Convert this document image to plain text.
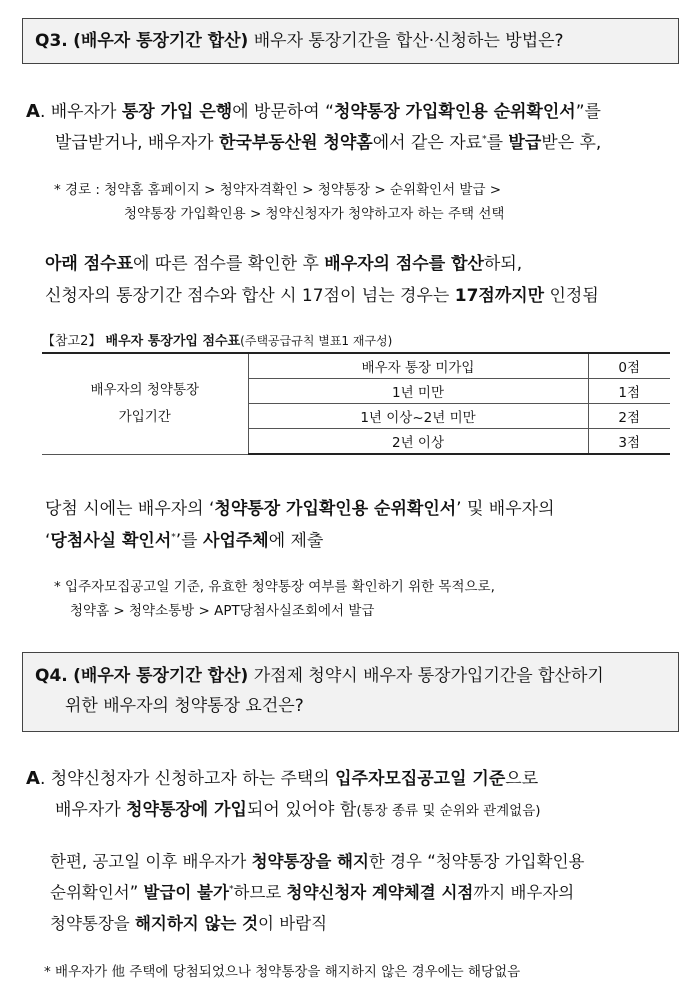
Q3. (배우자 통장기간 합산) 배우자 통장기간을 합산·신청하는 방법은?
A. 배우자가 통장 가입 은행에 방문하여 “청약통장 가입확인용 순위확인서”를
발급받거나, 배우자가 한국부동산원 청약홈에서 같은 자료*를 발급받은 후,
* 경로 : 청약홈 홈페이지 > 청약자격확인 > 청약통장 > 순위확인서 발급 >
청약통장 가입확인용 > 청약신청자가 청약하고자 하는 주택 선택
아래 점수표에 따른 점수를 확인한 후 배우자의 점수를 합산하되,
신청자의 통장기간 점수와 합산 시 17점이 넘는 경우는 17점까지만 인정됨
【참고2】 배우자 통장가입 점수표(주택공급규칙 별표1 재구성)
배우자의 청약통장
가입기간	배우자 통장 미가입	0점
	1년 미만	1점
	1년 이상~2년 미만	2점
	2년 이상	3점
당첨 시에는 배우자의 ‘청약통장 가입확인용 순위확인서’ 및 배우자의
‘당첨사실 확인서*’를 사업주체에 제출
* 입주자모집공고일 기준, 유효한 청약통장 여부를 확인하기 위한 목적으로,
청약홈 > 청약소통방 > APT당첨사실조회에서 발급
Q4. (배우자 통장기간 합산) 가점제 청약시 배우자 통장가입기간을 합산하기
위한 배우자의 청약통장 요건은?
A. 청약신청자가 신청하고자 하는 주택의 입주자모집공고일 기준으로
배우자가 청약통장에 가입되어 있어야 함(통장 종류 및 순위와 관계없음)
한편, 공고일 이후 배우자가 청약통장을 해지한 경우 “청약통장 가입확인용
순위확인서” 발급이 불가*하므로 청약신청자 계약체결 시점까지 배우자의
청약통장을 해지하지 않는 것이 바람직
* 배우자가 他 주택에 당첨되었으나 청약통장을 해지하지 않은 경우에는 해당없음
